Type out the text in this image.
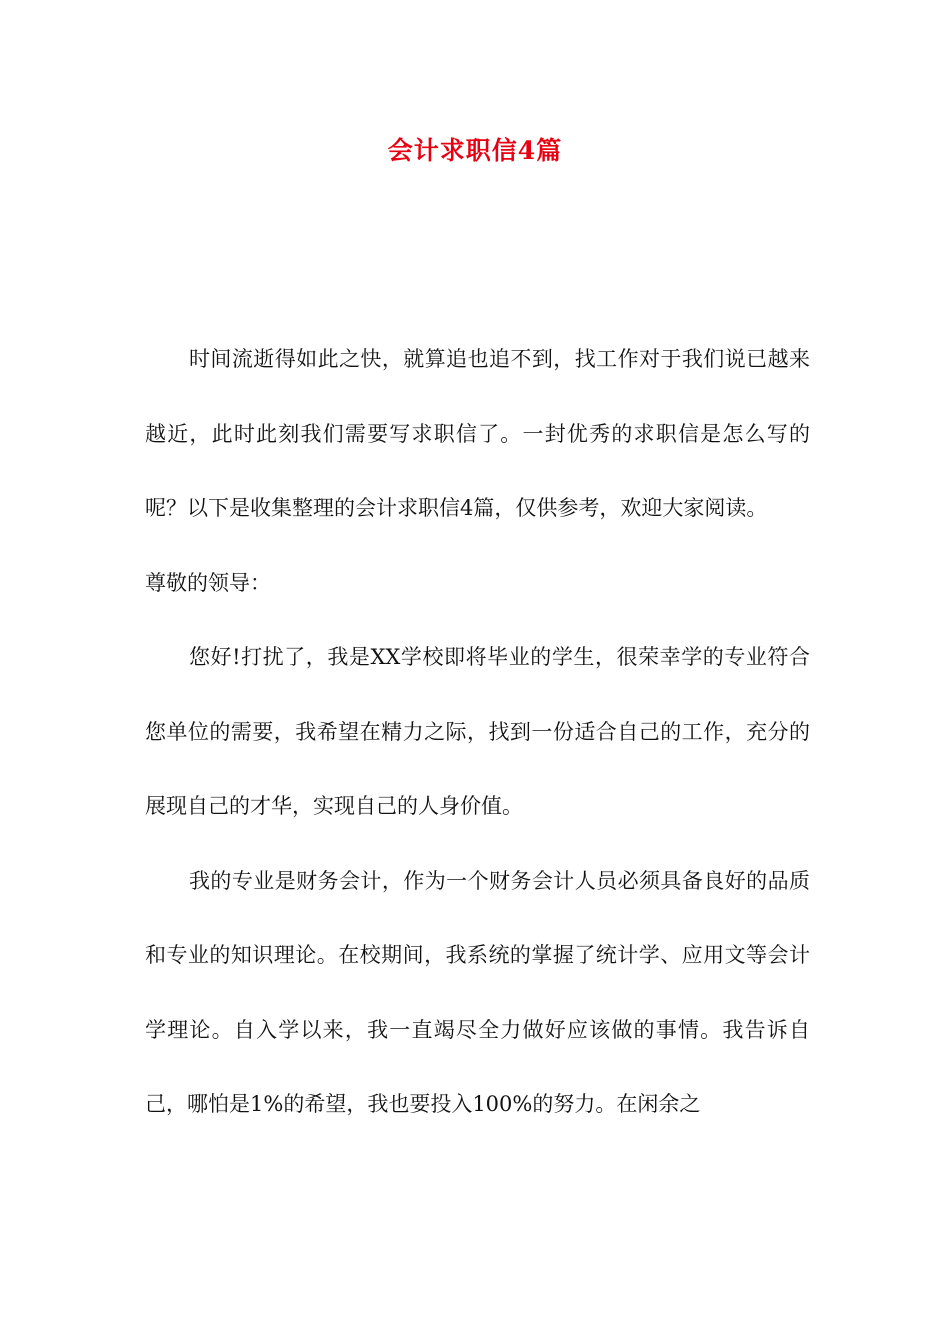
会计求职信4篇

时间流逝得如此之快，就算追也追不到，找工作对于我们说已越来越近，此时此刻我们需要写求职信了。一封优秀的求职信是怎么写的呢？以下是收集整理的会计求职信4篇，仅供参考，欢迎大家阅读。

尊敬的领导：

您好!打扰了，我是XX学校即将毕业的学生，很荣幸学的专业符合您单位的需要，我希望在精力之际，找到一份适合自己的工作，充分的展现自己的才华，实现自己的人身价值。

我的专业是财务会计，作为一个财务会计人员必须具备良好的品质和专业的知识理论。在校期间，我系统的掌握了统计学、应用文等会计学理论。自入学以来，我一直竭尽全力做好应该做的事情。我告诉自己，哪怕是1%的希望，我也要投入100%的努力。在闲余之
